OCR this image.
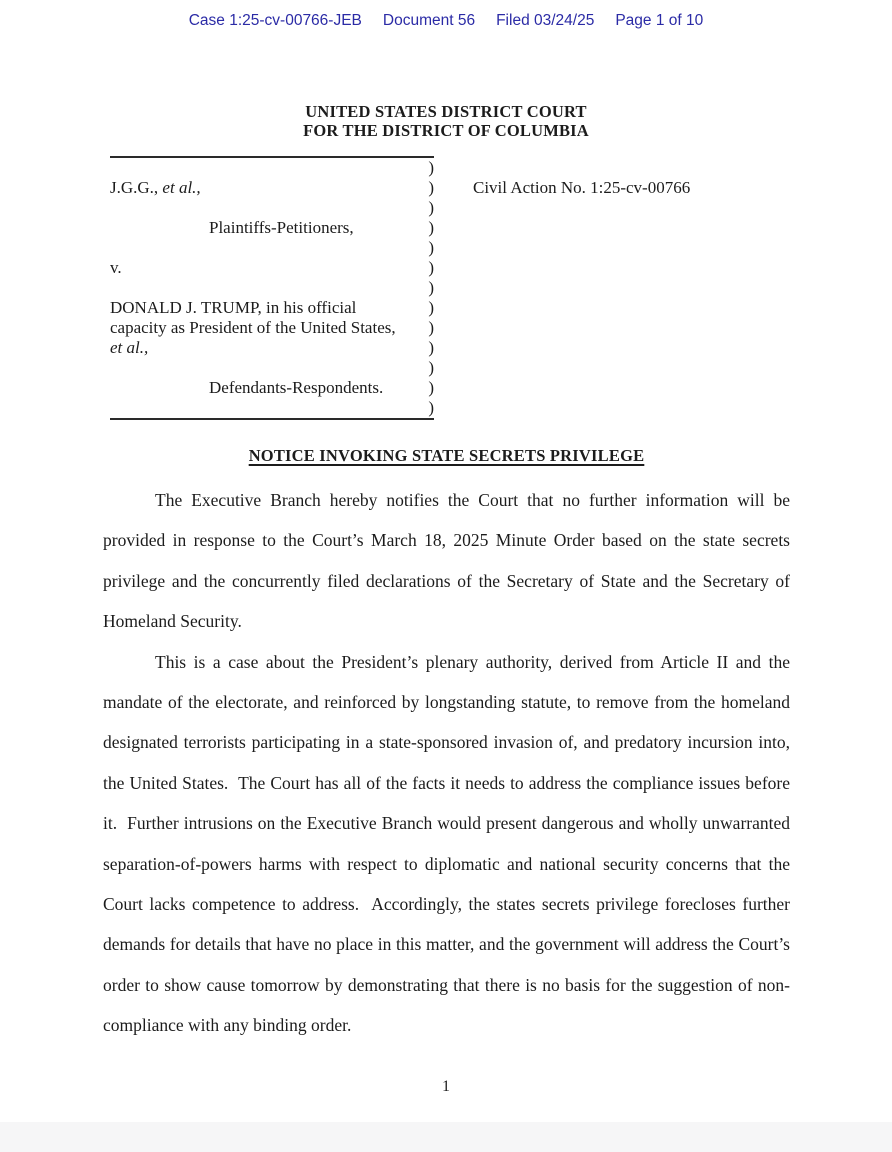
Case 1:25-cv-00766-JEB Document 56 Filed 03/24/25 Page 1 of 10
UNITED STATES DISTRICT COURT
FOR THE DISTRICT OF COLUMBIA
)
J.G.G., et al.,	)
)
Plaintiffs-Petitioners,	)
)
v.	)
)
DONALD J. TRUMP, in his official	)
capacity as President of the United States, )
et al.,	)
)
Defendants-Respondents.	)
)
Civil Action No. 1:25-cv-00766
NOTICE INVOKING STATE SECRETS PRIVILEGE

The Executive Branch hereby notifies the Court that no further information will be provided in response to the Court’s March 18, 2025 Minute Order based on the state secrets privilege and the concurrently filed declarations of the Secretary of State and the Secretary of Homeland Security.

This is a case about the President’s plenary authority, derived from Article II and the mandate of the electorate, and reinforced by longstanding statute, to remove from the homeland designated terrorists participating in a state-sponsored invasion of, and predatory incursion into, the United States.  The Court has all of the facts it needs to address the compliance issues before it.  Further intrusions on the Executive Branch would present dangerous and wholly unwarranted separation-of-powers harms with respect to diplomatic and national security concerns that the Court lacks competence to address.  Accordingly, the states secrets privilege forecloses further demands for details that have no place in this matter, and the government will address the Court’s order to show cause tomorrow by demonstrating that there is no basis for the suggestion of non-compliance with any binding order.

1
